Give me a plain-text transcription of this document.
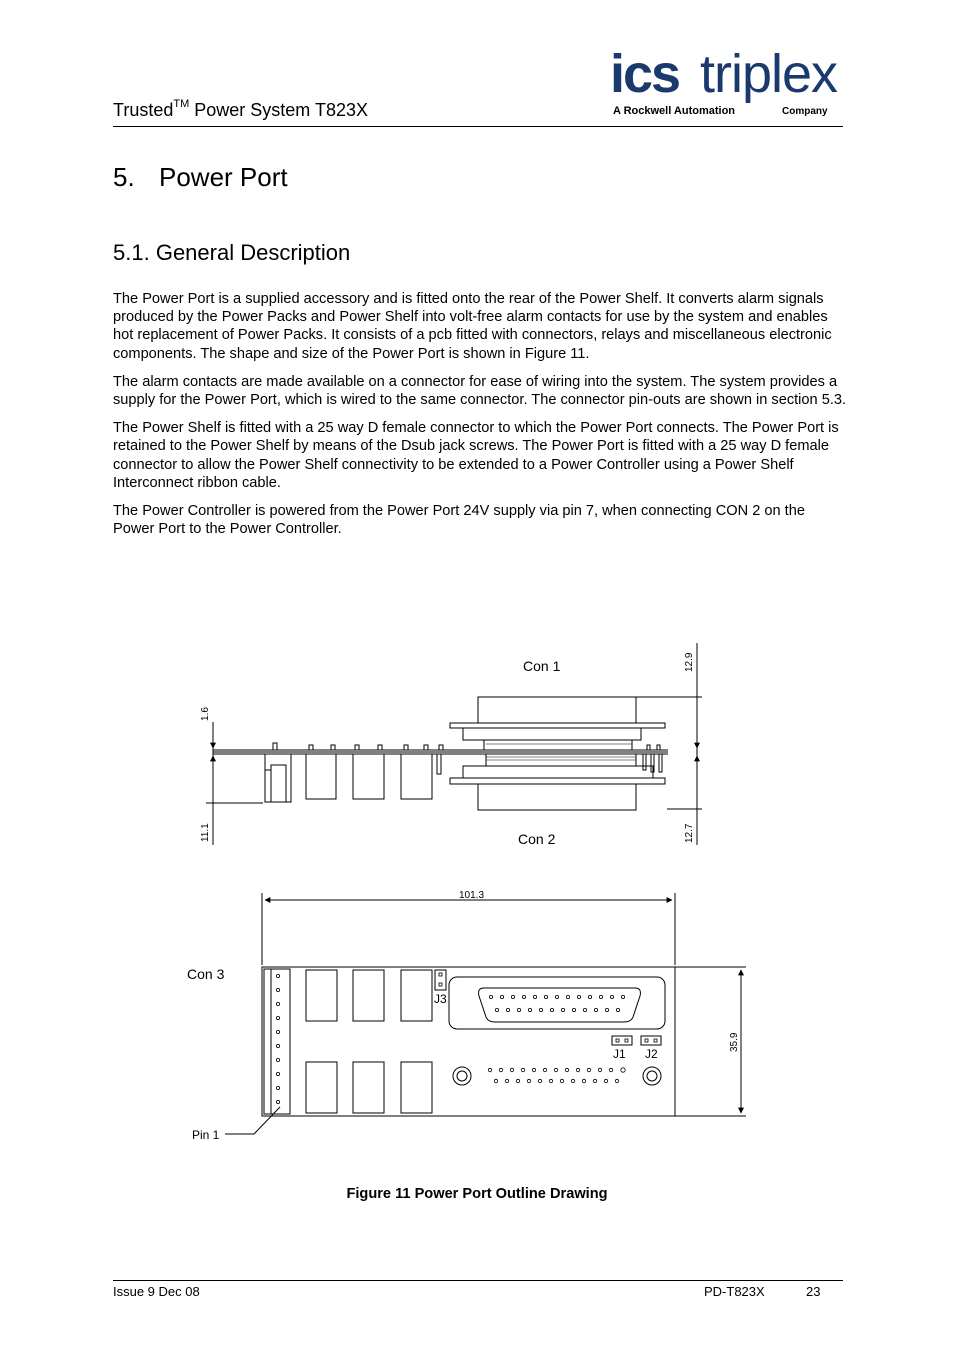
Trusted™ Power System T823X
ics triplex
A Rockwell Automation	Company
5. Power Port
5.1. General Description

The Power Port is a supplied accessory and is fitted onto the rear of the Power Shelf. It converts alarm signals produced by the Power Packs and Power Shelf into volt-free alarm contacts for use by the system and enables hot replacement of Power Packs. It consists of a pcb fitted with connectors, relays and miscellaneous electronic components. The shape and size of the Power Port is shown in Figure 11.

The alarm contacts are made available on a connector for ease of wiring into the system. The system provides a supply for the Power Port, which is wired to the same connector. The connector pin-outs are shown in section 5.3.

The Power Shelf is fitted with a 25 way D female connector to which the Power Port connects. The Power Port is retained to the Power Shelf by means of the Dsub jack screws. The Power Port is fitted with a 25 way D female connector to allow the Power Shelf connectivity to be extended to a Power Controller using a Power Shelf Interconnect ribbon cable.

The Power Controller is powered from the Power Port 24V supply via pin 7, when connecting CON 2 on the Power Port to the Power Controller.

Con 1
Con 2
Con 3
Pin 1
J3
J1 J2
101.3
12.9
12.7
1.6
11.1
35.9
Figure 11 Power Port Outline Drawing
Issue 9 Dec 08	PD-T823X	23
